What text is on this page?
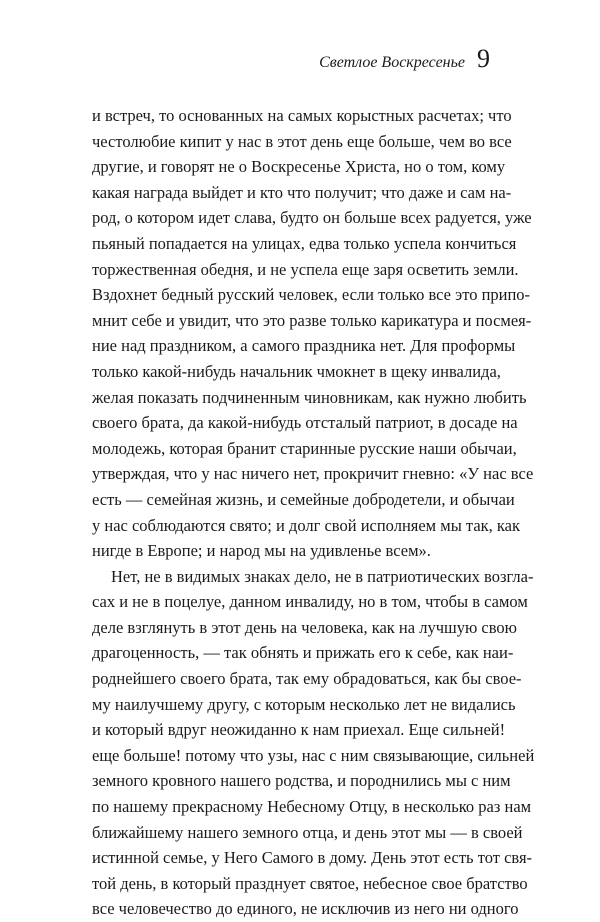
Светлое Воскресенье 9
и встреч, то основанных на самых корыстных расчетах; что
честолюбие кипит у нас в этот день еще больше, чем во все
другие, и говорят не о Воскресенье Христа, но о том, кому
какая награда выйдет и кто что получит; что даже и сам на-
род, о котором идет слава, будто он больше всех радуется, уже
пьяный попадается на улицах, едва только успела кончиться
торжественная обедня, и не успела еще заря осветить земли.
Вздохнет бедный русский человек, если только все это припо-
мнит себе и увидит, что это разве только карикатура и посмея-
ние над праздником, а самого праздника нет. Для проформы
только какой-нибудь начальник чмокнет в щеку инвалида,
желая показать подчиненным чиновникам, как нужно любить
своего брата, да какой-нибудь отсталый патриот, в досаде на
молодежь, которая бранит старинные русские наши обычаи,
утверждая, что у нас ничего нет, прокричит гневно: «У нас все
есть — семейная жизнь, и семейные добродетели, и обычаи
у нас соблюдаются свято; и долг свой исполняем мы так, как
нигде в Европе; и народ мы на удивленье всем».
Нет, не в видимых знаках дело, не в патриотических возгла-
сах и не в поцелуе, данном инвалиду, но в том, чтобы в самом
деле взглянуть в этот день на человека, как на лучшую свою
драгоценность, — так обнять и прижать его к себе, как наи-
роднейшего своего брата, так ему обрадоваться, как бы свое-
му наилучшему другу, с которым несколько лет не видались
и который вдруг неожиданно к нам приехал. Еще сильней!
еще больше! потому что узы, нас с ним связывающие, сильней
земного кровного нашего родства, и породнились мы с ним
по нашему прекрасному Небесному Отцу, в несколько раз нам
ближайшему нашего земного отца, и день этот мы — в своей
истинной семье, у Него Самого в дому. День этот есть тот свя-
той день, в который празднует святое, небесное свое братство
все человечество до единого, не исключив из него ни одного
